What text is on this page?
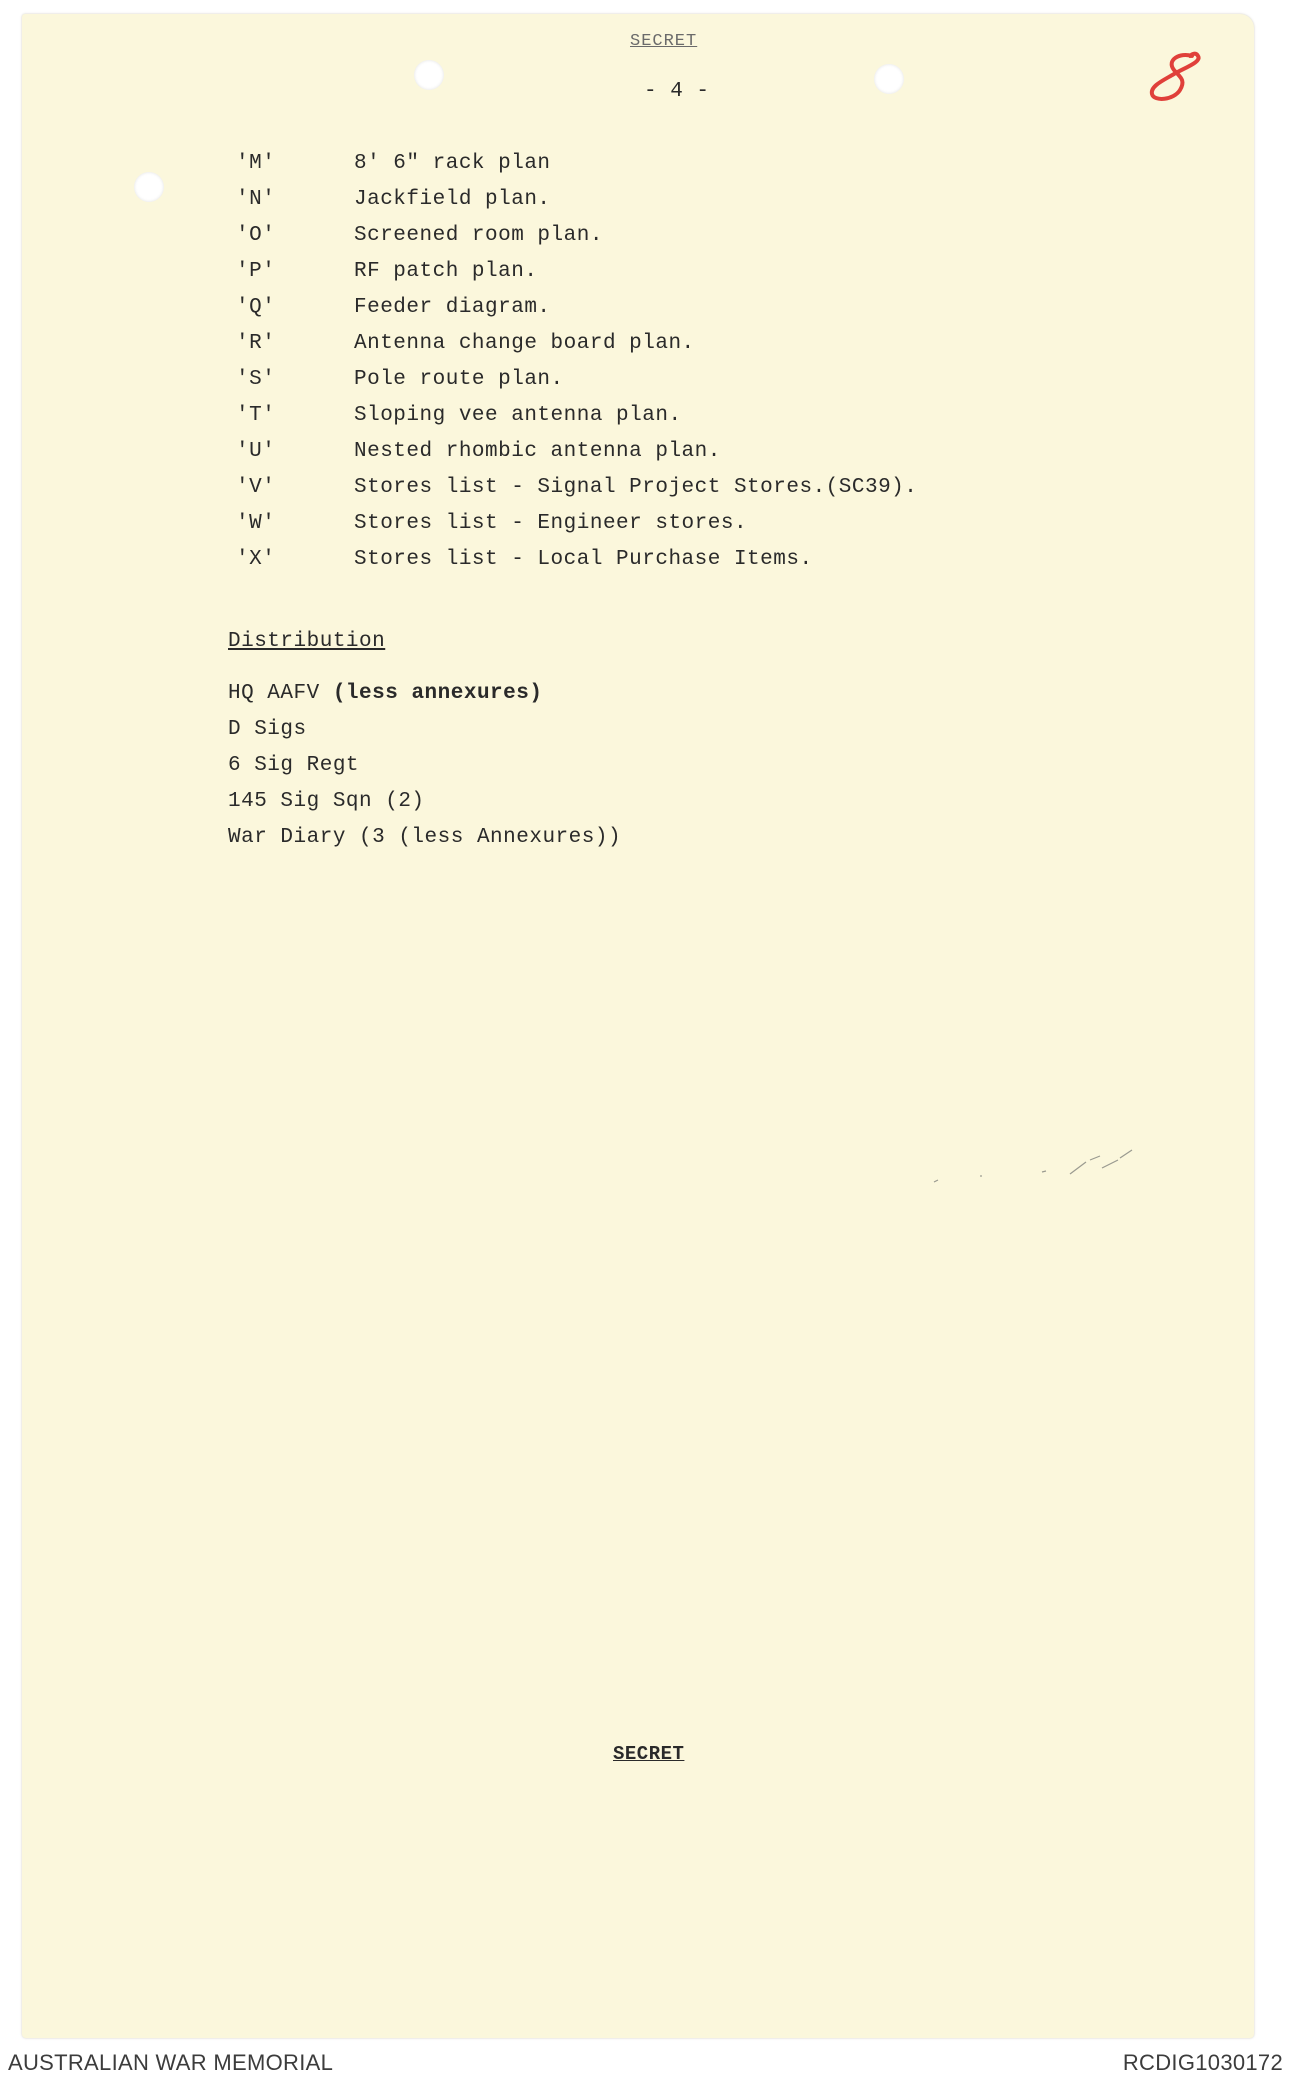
SECRET
- 4 -
'M'	8' 6" rack plan
'N'	Jackfield plan.
'O'	Screened room plan.
'P'	RF patch plan.
'Q'	Feeder diagram.
'R'	Antenna change board plan.
'S'	Pole route plan.
'T'	Sloping vee antenna plan.
'U'	Nested rhombic antenna plan.
'V'	Stores list - Signal Project Stores.(SC39).
'W'	Stores list - Engineer stores.
'X'	Stores list - Local Purchase Items.
Distribution
HQ AAFV (less annexures)
D Sigs
6 Sig Regt
145 Sig Sqn (2)
War Diary (3 (less Annexures))
SECRET
AUSTRALIAN WAR MEMORIAL	RCDIG1030172
